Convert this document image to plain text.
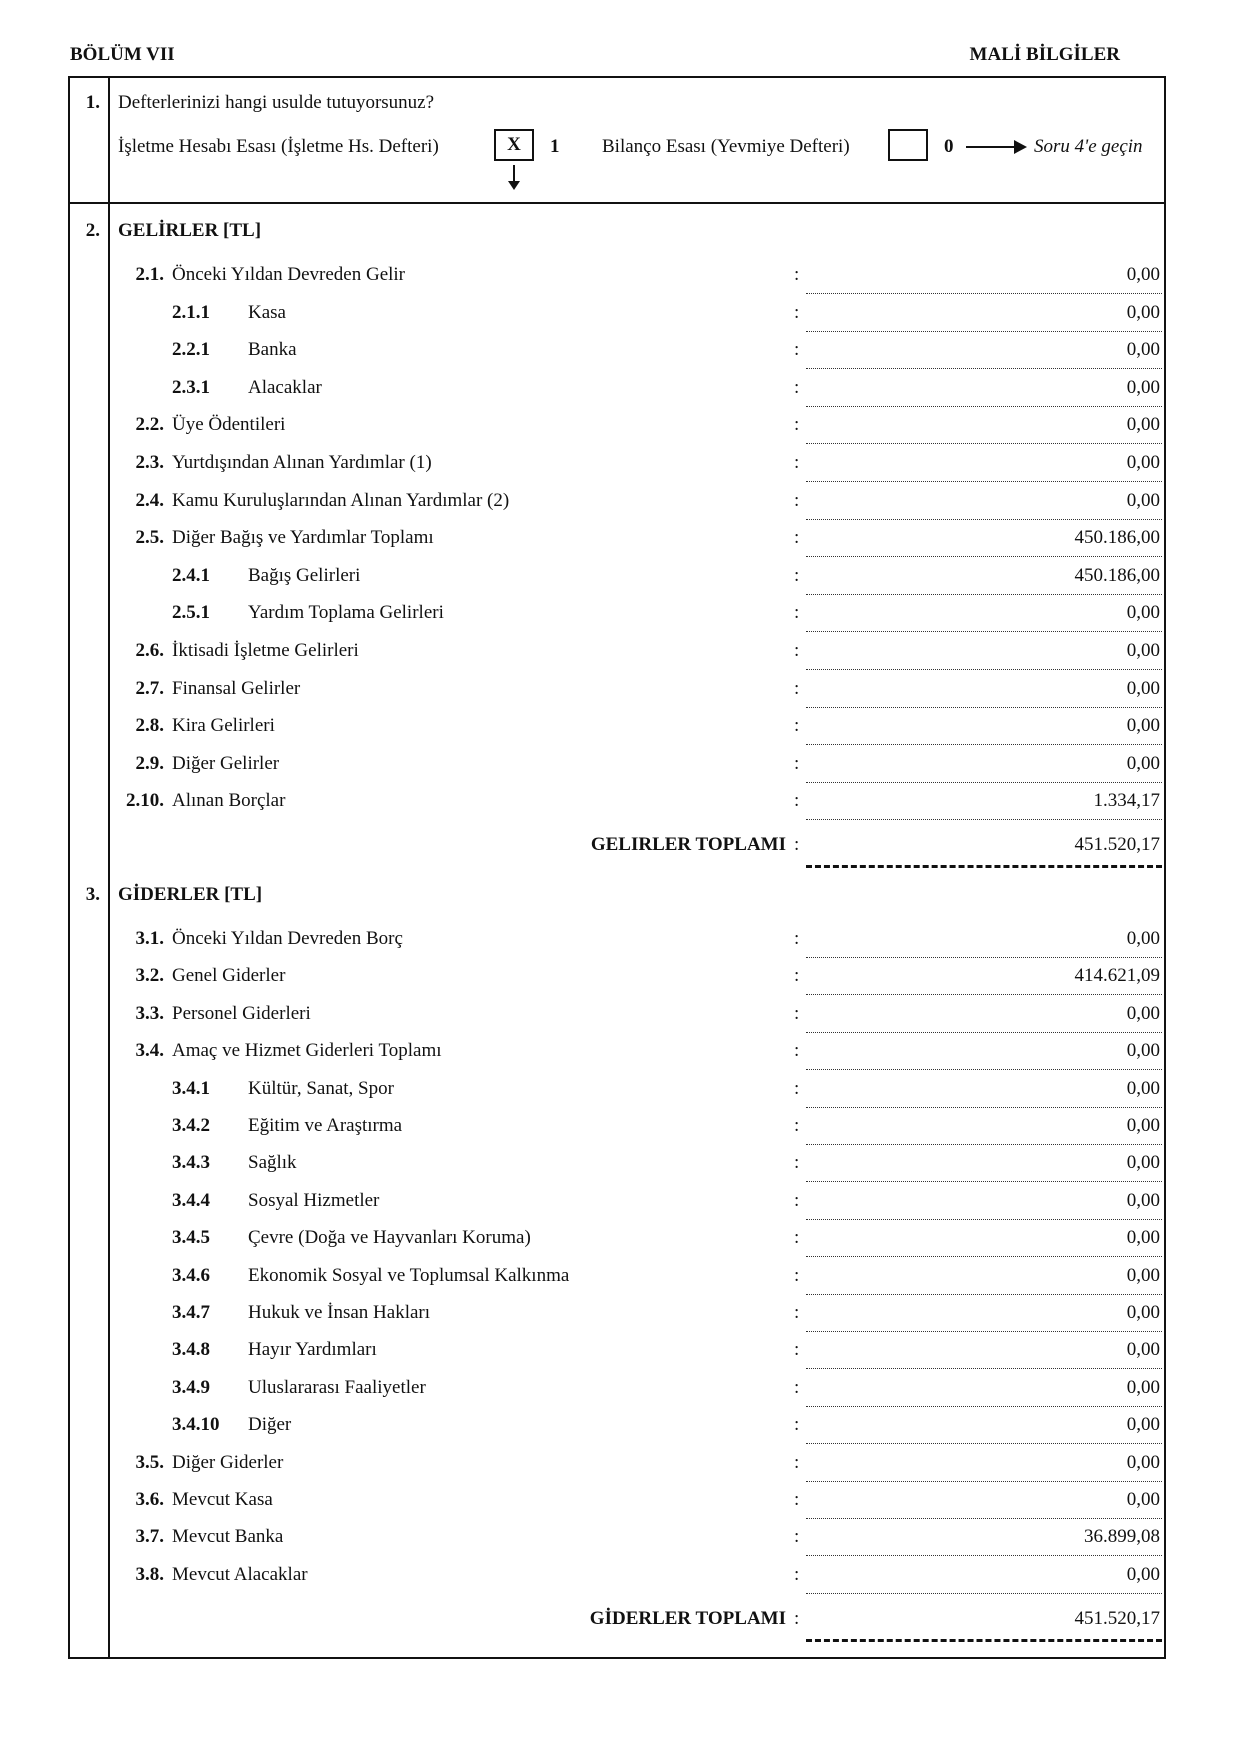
BÖLÜM VII	MALİ BİLGİLER
1. Defterlerinizi hangi usulde tutuyorsunuz?
İşletme Hesabı Esası (İşletme Hs. Defteri)	X	1 Bilanço Esası (Yevmiye Defteri)	0	Soru 4'e geçin
2. GELİRLER [TL]
2.1. Önceki Yıldan Devreden Gelir	:	0,00
2.1.1 Kasa	:	0,00
2.2.1 Banka	:	0,00
2.3.1 Alacaklar	:	0,00
2.2. Üye Ödentileri	:	0,00
2.3. Yurtdışından Alınan Yardımlar (1)	:	0,00
2.4. Kamu Kuruluşlarından Alınan Yardımlar (2)	:	0,00
2.5. Diğer Bağış ve Yardımlar Toplamı	:	450.186,00
2.4.1 Bağış Gelirleri	:	450.186,00
2.5.1 Yardım Toplama Gelirleri	:	0,00
2.6. İktisadi İşletme Gelirleri	:	0,00
2.7. Finansal Gelirler	:	0,00
2.8. Kira Gelirleri	:	0,00
2.9. Diğer Gelirler	:	0,00
2.10. Alınan Borçlar	:	1.334,17
GELIRLER TOPLAMI :	451.520,17
3. GİDERLER [TL]
3.1. Önceki Yıldan Devreden Borç	:	0,00
3.2. Genel Giderler	:	414.621,09
3.3. Personel Giderleri	:	0,00
3.4. Amaç ve Hizmet Giderleri Toplamı	:	0,00
3.4.1 Kültür, Sanat, Spor	:	0,00
3.4.2 Eğitim ve Araştırma	:	0,00
3.4.3 Sağlık	:	0,00
3.4.4 Sosyal Hizmetler	:	0,00
3.4.5 Çevre (Doğa ve Hayvanları Koruma)	:	0,00
3.4.6 Ekonomik Sosyal ve Toplumsal Kalkınma	:	0,00
3.4.7 Hukuk ve İnsan Hakları	:	0,00
3.4.8 Hayır Yardımları	:	0,00
3.4.9 Uluslararası Faaliyetler	:	0,00
3.4.10 Diğer	:	0,00
3.5. Diğer Giderler	:	0,00
3.6. Mevcut Kasa	:	0,00
3.7. Mevcut Banka	:	36.899,08
3.8. Mevcut Alacaklar	:	0,00
GİDERLER TOPLAMI :	451.520,17
